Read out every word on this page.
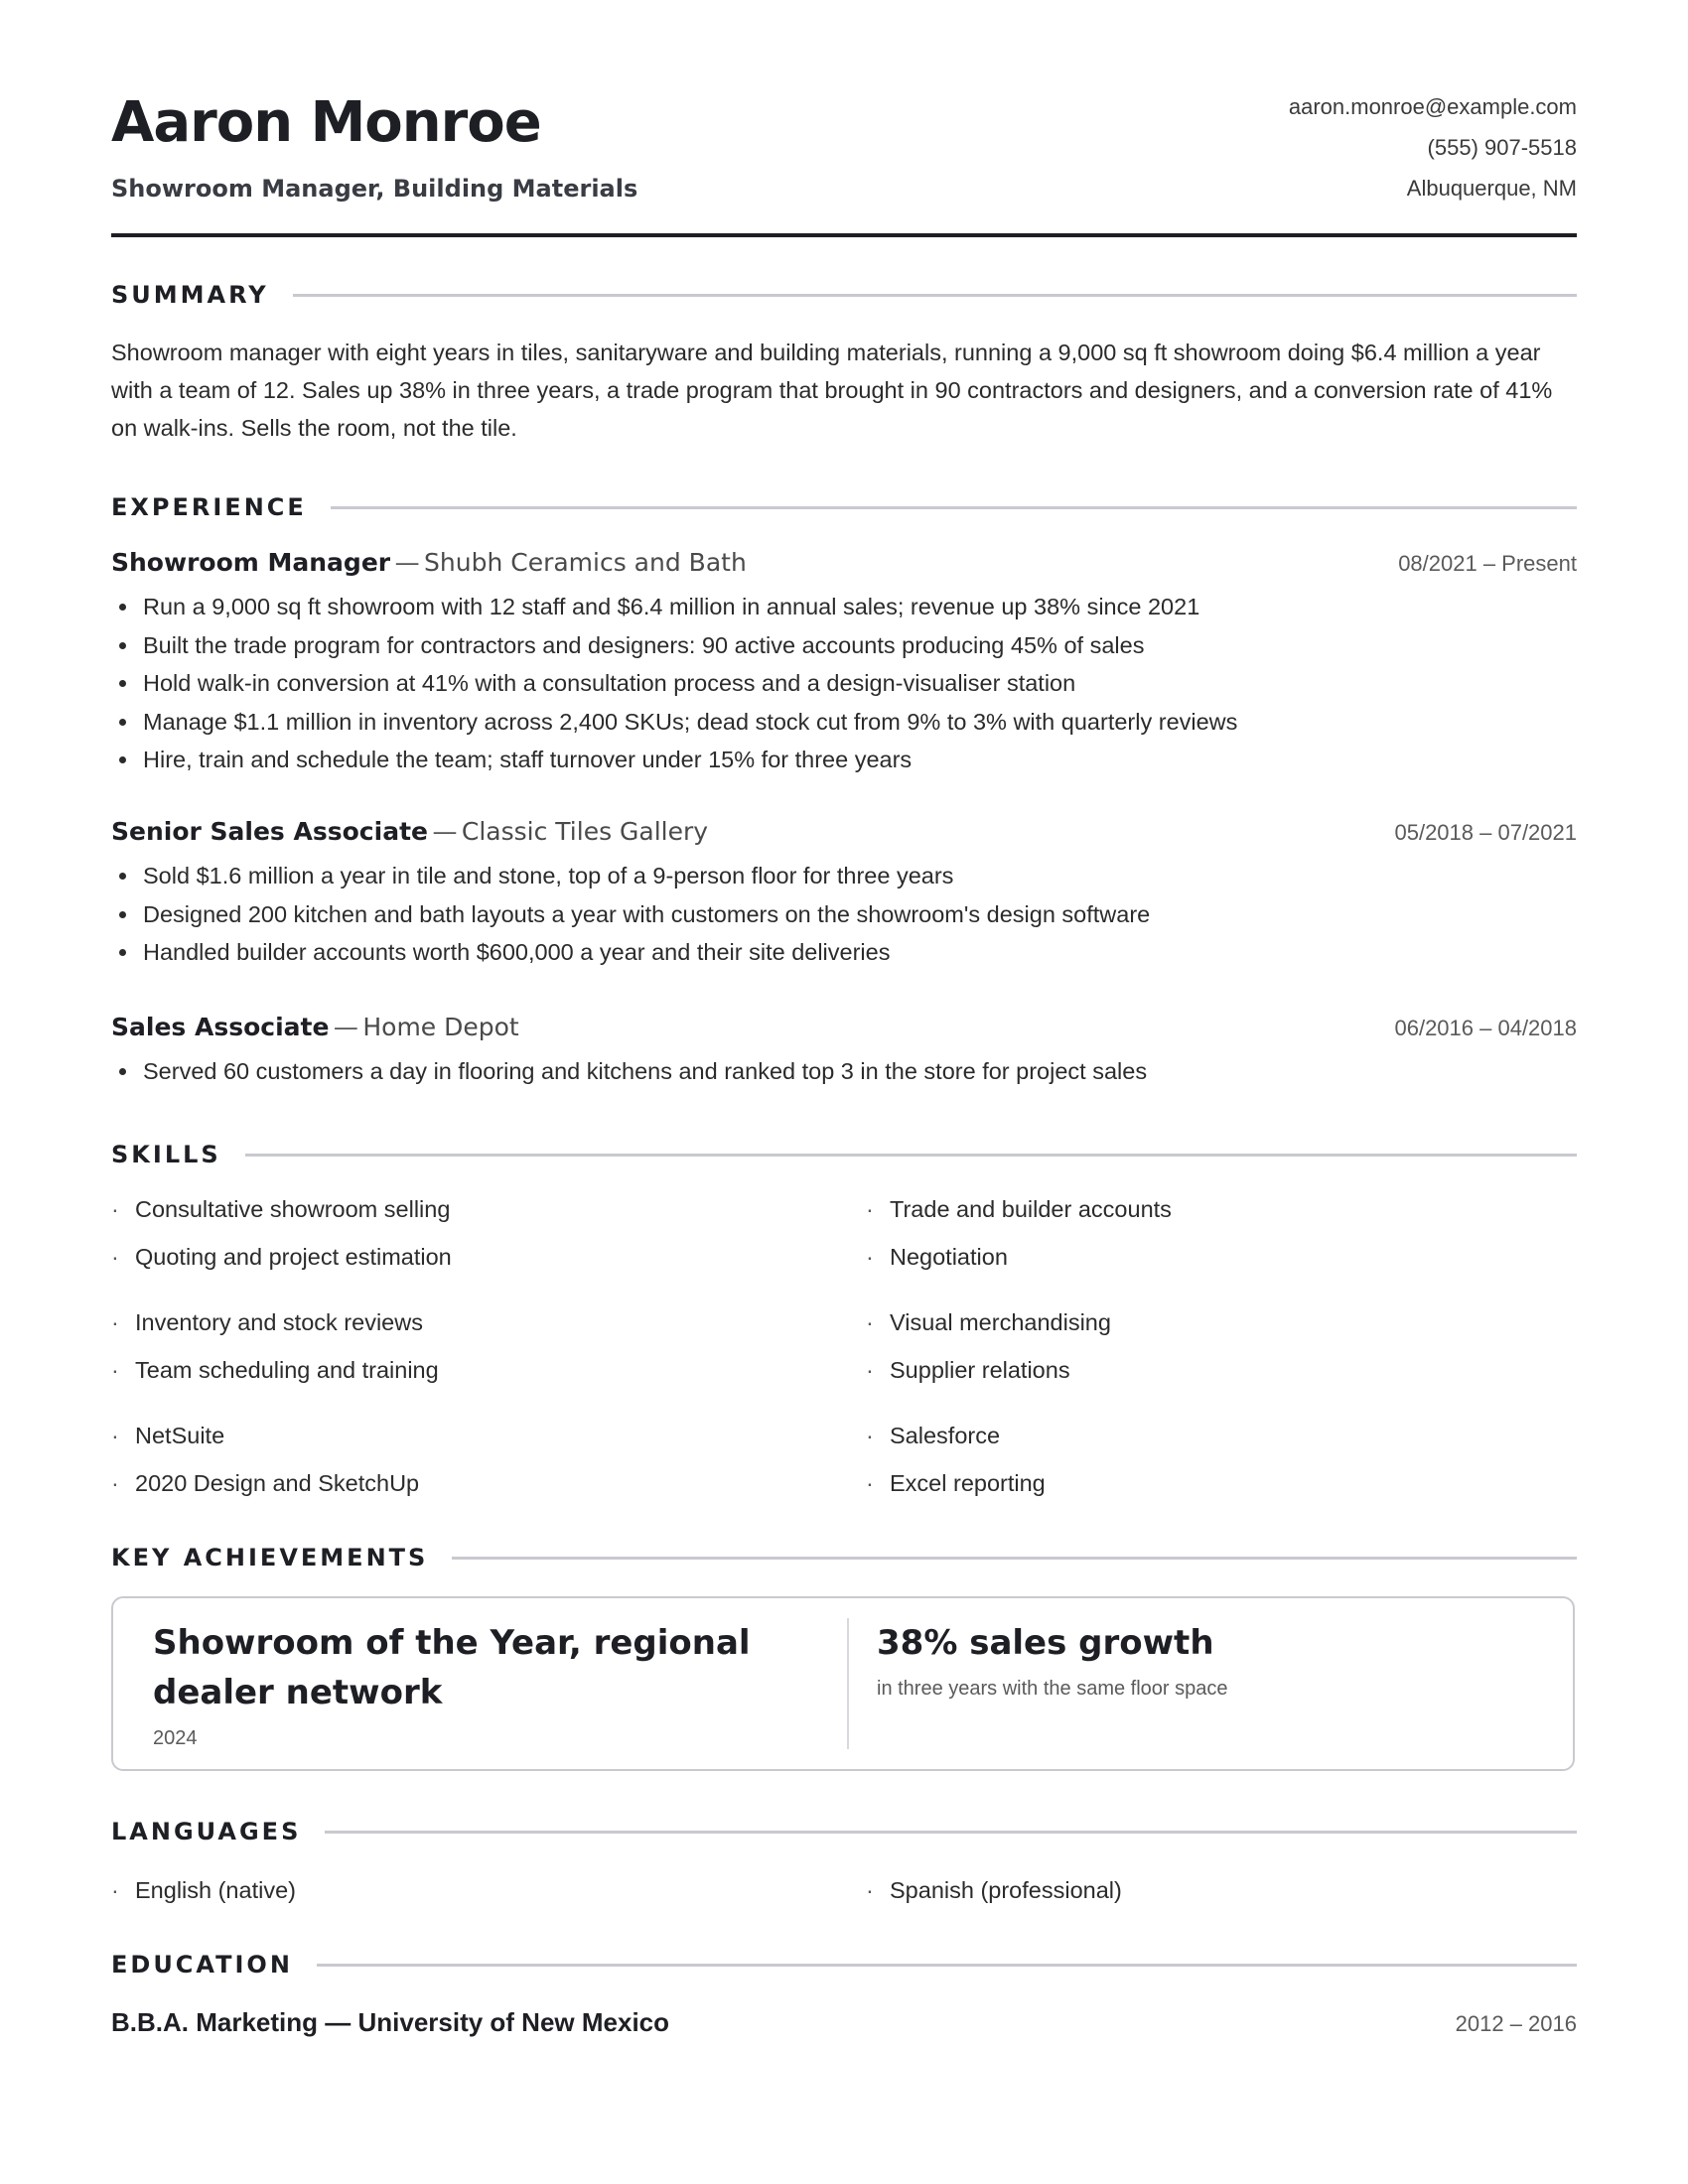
Aaron Monroe
Showroom Manager, Building Materials
aaron.monroe@example.com
(555) 907-5518
Albuquerque, NM
SUMMARY

Showroom manager with eight years in tiles, sanitaryware and building materials, running a 9,000 sq ft showroom doing $6.4 million a year with a team of 12. Sales up 38% in three years, a trade program that brought in 90 contractors and designers, and a conversion rate of 41% on walk-ins. Sells the room, not the tile.

EXPERIENCE
Showroom Manager — Shubh Ceramics and Bath	08/2021 – Present
Run a 9,000 sq ft showroom with 12 staff and $6.4 million in annual sales; revenue up 38% since 2021
Built the trade program for contractors and designers: 90 active accounts producing 45% of sales
Hold walk-in conversion at 41% with a consultation process and a design-visualiser station
Manage $1.1 million in inventory across 2,400 SKUs; dead stock cut from 9% to 3% with quarterly reviews
Hire, train and schedule the team; staff turnover under 15% for three years
Senior Sales Associate — Classic Tiles Gallery	05/2018 – 07/2021
Sold $1.6 million a year in tile and stone, top of a 9-person floor for three years
Designed 200 kitchen and bath layouts a year with customers on the showroom's design software
Handled builder accounts worth $600,000 a year and their site deliveries
Sales Associate — Home Depot	06/2016 – 04/2018
Served 60 customers a day in flooring and kitchens and ranked top 3 in the store for project sales
SKILLS
· Consultative showroom selling	· Trade and builder accounts
· Quoting and project estimation	· Negotiation
· Inventory and stock reviews	· Visual merchandising
· Team scheduling and training	· Supplier relations
· NetSuite	· Salesforce
· 2020 Design and SketchUp	· Excel reporting
KEY ACHIEVEMENTS
Showroom of the Year, regional dealer network
2024
38% sales growth
in three years with the same floor space
LANGUAGES
· English (native)	· Spanish (professional)
EDUCATION
B.B.A. Marketing — University of New Mexico	2012 – 2016
